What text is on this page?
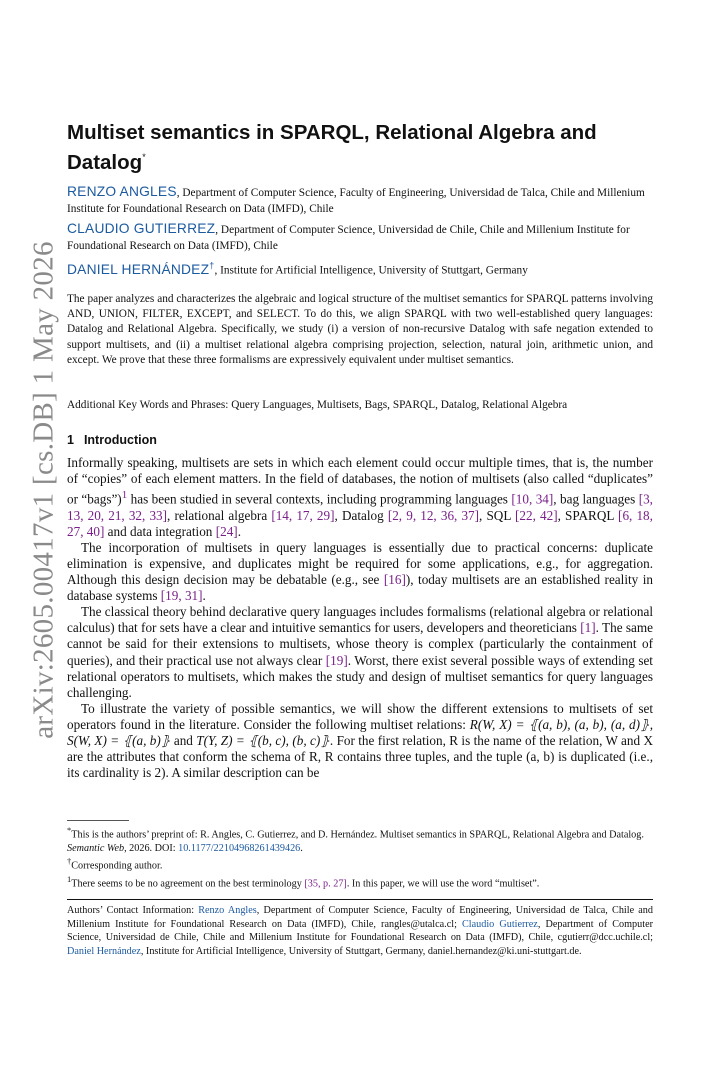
arXiv:2605.00417v1 [cs.DB] 1 May 2026
Multiset semantics in SPARQL, Relational Algebra and Datalog*
RENZO ANGLES, Department of Computer Science, Faculty of Engineering, Universidad de Talca, Chile and Millenium Institute for Foundational Research on Data (IMFD), Chile
CLAUDIO GUTIERREZ, Department of Computer Science, Universidad de Chile, Chile and Millenium Institute for Foundational Research on Data (IMFD), Chile
DANIEL HERNÁNDEZ†, Institute for Artificial Intelligence, University of Stuttgart, Germany
The paper analyzes and characterizes the algebraic and logical structure of the multiset semantics for SPARQL patterns involving AND, UNION, FILTER, EXCEPT, and SELECT. To do this, we align SPARQL with two well-established query languages: Datalog and Relational Algebra. Specifically, we study (i) a version of non-recursive Datalog with safe negation extended to support multisets, and (ii) a multiset relational algebra comprising projection, selection, natural join, arithmetic union, and except. We prove that these three formalisms are expressively equivalent under multiset semantics.
Additional Key Words and Phrases: Query Languages, Multisets, Bags, SPARQL, Datalog, Relational Algebra
1 Introduction

Informally speaking, multisets are sets in which each element could occur multiple times, that is, the number of “copies” of each element matters. In the field of databases, the notion of multisets (also called “duplicates” or “bags”)$^1$ has been studied in several contexts, including programming languages [10, 34], bag languages [3, 13, 20, 21, 32, 33], relational algebra [14, 17, 29], Datalog [2, 9, 12, 36, 37], SQL [22, 42], SPARQL [6, 18, 27, 40] and data integration [24].

The incorporation of multisets in query languages is essentially due to practical concerns: duplicate elimination is expensive, and duplicates might be required for some applications, e.g., for aggregation. Although this design decision may be debatable (e.g., see [16]), today multisets are an established reality in database systems [19, 31].

The classical theory behind declarative query languages includes formalisms (relational algebra or relational calculus) that for sets have a clear and intuitive semantics for users, developers and theoreticians [1]. The same cannot be said for their extensions to multisets, whose theory is complex (particularly the containment of queries), and their practical use not always clear [19]. Worst, there exist several possible ways of extending set relational operators to multisets, which makes the study and design of multiset semantics for query languages challenging.

To illustrate the variety of possible semantics, we will show the different extensions to multisets of set operators found in the literature. Consider the following multiset relations: R(W, X) = ⦃(a, b), (a, b), (a, d)⦄, S(W, X) = ⦃(a, b)⦄ and T(Y, Z) = ⦃(b, c), (b, c)⦄. For the first relation, R is the name of the relation, W and X are the attributes that conform the schema of R, R contains three tuples, and the tuple (a, b) is duplicated (i.e., its cardinality is 2). A similar description can be

*This is the authors’ preprint of: R. Angles, C. Gutierrez, and D. Hernández. Multiset semantics in SPARQL, Relational Algebra and Datalog. Semantic Web, 2026. DOI: 10.1177/22104968261439426.

†Corresponding author.

$^1$There seems to be no agreement on the best terminology [35, p. 27]. In this paper, we will use the word “multiset”.

Authors’ Contact Information: Renzo Angles, Department of Computer Science, Faculty of Engineering, Universidad de Talca, Chile and Millenium Institute for Foundational Research on Data (IMFD), Chile, rangles@utalca.cl; Claudio Gutierrez, Department of Computer Science, Universidad de Chile, Chile and Millenium Institute for Foundational Research on Data (IMFD), Chile, cgutierr@dcc.uchile.cl; Daniel Hernández, Institute for Artificial Intelligence, University of Stuttgart, Germany, daniel.hernandez@ki.uni-stuttgart.de.
